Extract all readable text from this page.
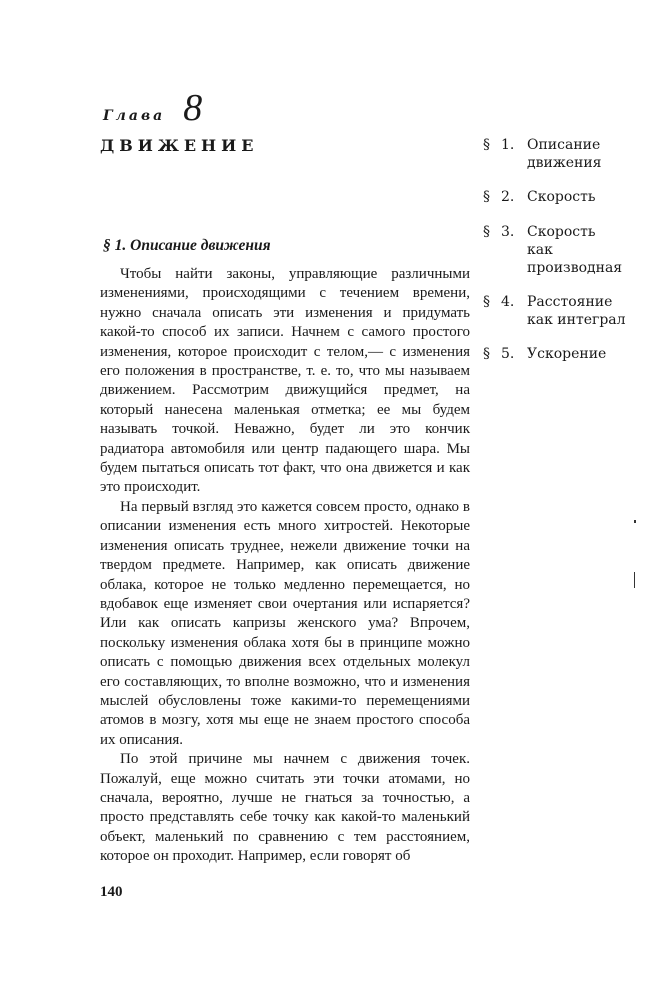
Глава 8
ДВИЖЕНИЕ	§ 1. Описание
движения
§ 2. Скорость
§ 3. Скорость
как
производная
§ 4. Расстояние
как интеграл
§ 5. Ускорение
§ 1. Описание движения

Чтобы найти законы, управляющие различными изменениями, происходящими с течением времени, нужно сначала описать эти изменения и придумать какой-то способ их записи. Начнем с самого простого изменения, которое происходит с телом,— с изменения его положения в пространстве, т. е. то, что мы называем движением. Рассмотрим движущийся предмет, на который нанесена маленькая отметка; ее мы будем называть точкой. Неважно, будет ли это кончик радиатора автомобиля или центр падающего шара. Мы будем пытаться описать тот факт, что она движется и как это происходит.

На первый взгляд это кажется совсем просто, однако в описании изменения есть много хитростей. Некоторые изменения описать труднее, нежели движение точки на твердом предмете. Например, как описать движение облака, которое не только медленно перемещается, но вдобавок еще изменяет свои очертания или испаряется? Или как описать капризы женского ума? Впрочем, поскольку изменения облака хотя бы в принципе можно описать с помощью движения всех отдельных молекул его составляющих, то вполне возможно, что и изменения мыслей обусловлены тоже какими-то перемещениями атомов в мозгу, хотя мы еще не знаем простого способа их описания.

По этой причине мы начнем с движения точек. Пожалуй, еще можно считать эти точки атомами, но сначала, вероятно, лучше не гнаться за точностью, а просто представлять себе точку как какой-то маленький объект, маленький по сравнению с тем расстоянием, которое он проходит. Например, если говорят об

140
